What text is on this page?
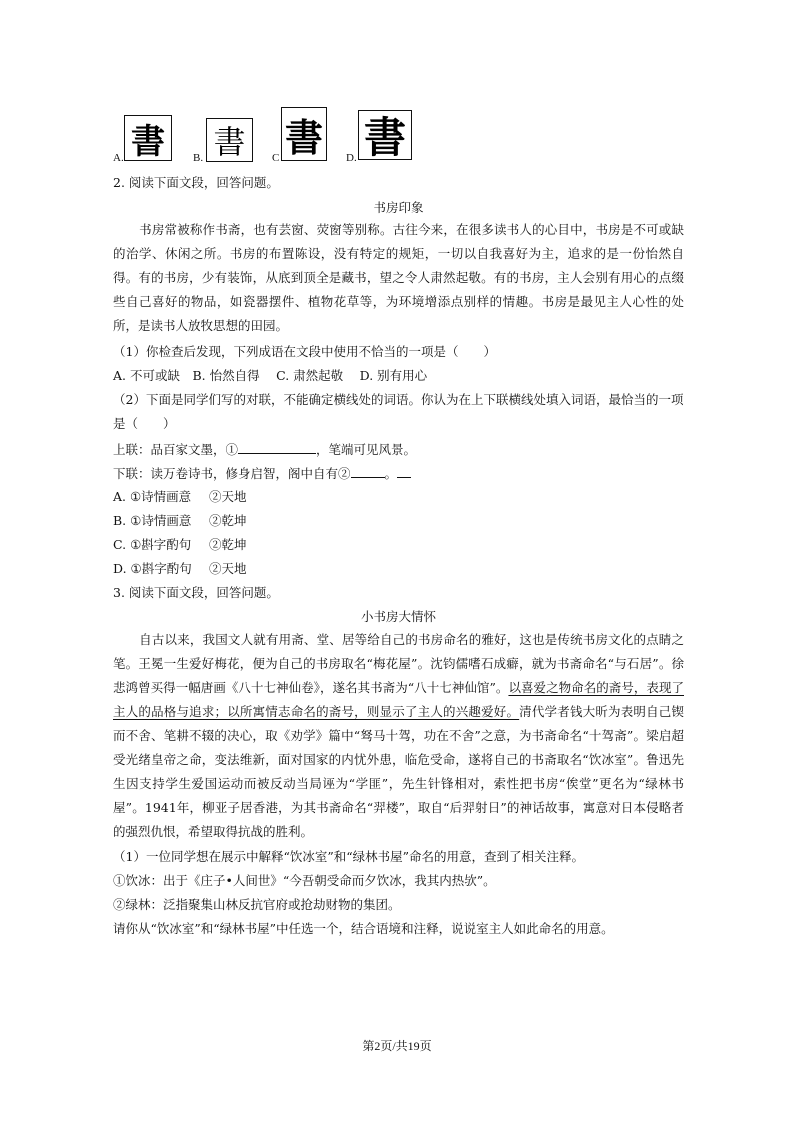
A. 書	B. 書	C 書	D. 書
2. 阅读下面文段，回答问题。
书房印象
书房常被称作书斋，也有芸窗、荧窗等别称。古往今来，在很多读书人的心目中，书房是不可或缺的治学、休闲之所。书房的布置陈设，没有特定的规矩，一切以自我喜好为主，追求的是一份怡然自得。有的书房，少有装饰，从底到顶全是藏书，望之令人肃然起敬。有的书房，主人会别有用心的点缀些自己喜好的物品，如瓷器摆件、植物花草等，为环境增添点别样的情趣。书房是最见主人心性的处所，是读书人放牧思想的田园。
（1）你检查后发现，下列成语在文段中使用不恰当的一项是（　　）
A. 不可或缺　B. 怡然自得　 C. 肃然起敬　 D. 别有用心
（2）下面是同学们写的对联，不能确定横线处的词语。你认为在上下联横线处填入词语，最恰当的一项
是（　　）
上联：品百家文墨，①	，笔端可见风景。
下联：读万卷诗书，修身启智，阁中自有②	。
A. ①诗情画意 ②天地
B. ①诗情画意 ②乾坤
C. ①斟字酌句 ②乾坤
D. ①斟字酌句 ②天地
3. 阅读下面文段，回答问题。
小书房大情怀
自古以来，我国文人就有用斋、堂、居等给自己的书房命名的雅好，这也是传统书房文化的点睛之笔。王冕一生爱好梅花，便为自己的书房取名“梅花屋”。沈钧儒嗜石成癖，就为书斋命名“与石居”。徐悲鸿曾买得一幅唐画《八十七神仙卷》，遂名其书斋为“八十七神仙馆”。以喜爱之物命名的斋号，表现了主人的品格与追求；以所寓情志命名的斋号，则显示了主人的兴趣爱好。清代学者钱大昕为表明自己锲而不舍、笔耕不辍的决心，取《劝学》篇中“驽马十驾，功在不舍”之意，为书斋命名“十驾斋”。梁启超受光绪皇帝之命，变法维新，面对国家的内忧外患，临危受命，遂将自己的书斋取名“饮冰室”。鲁迅先生因支持学生爱国运动而被反动当局诬为“学匪”，先生针锋相对，索性把书房“俟堂”更名为“绿林书屋”。1941年，柳亚子居香港，为其书斋命名“羿楼”，取自“后羿射日”的神话故事，寓意对日本侵略者的强烈仇恨，希望取得抗战的胜利。
（1）一位同学想在展示中解释“饮冰室”和“绿林书屋”命名的用意，查到了相关注释。
①饮冰：出于《庄子•人间世》“今吾朝受命而夕饮冰，我其内热欤”。
②绿林：泛指聚集山林反抗官府或抢劫财物的集团。
请你从“饮冰室”和“绿林书屋”中任选一个，结合语境和注释，说说室主人如此命名的用意。
第2页/共19页
